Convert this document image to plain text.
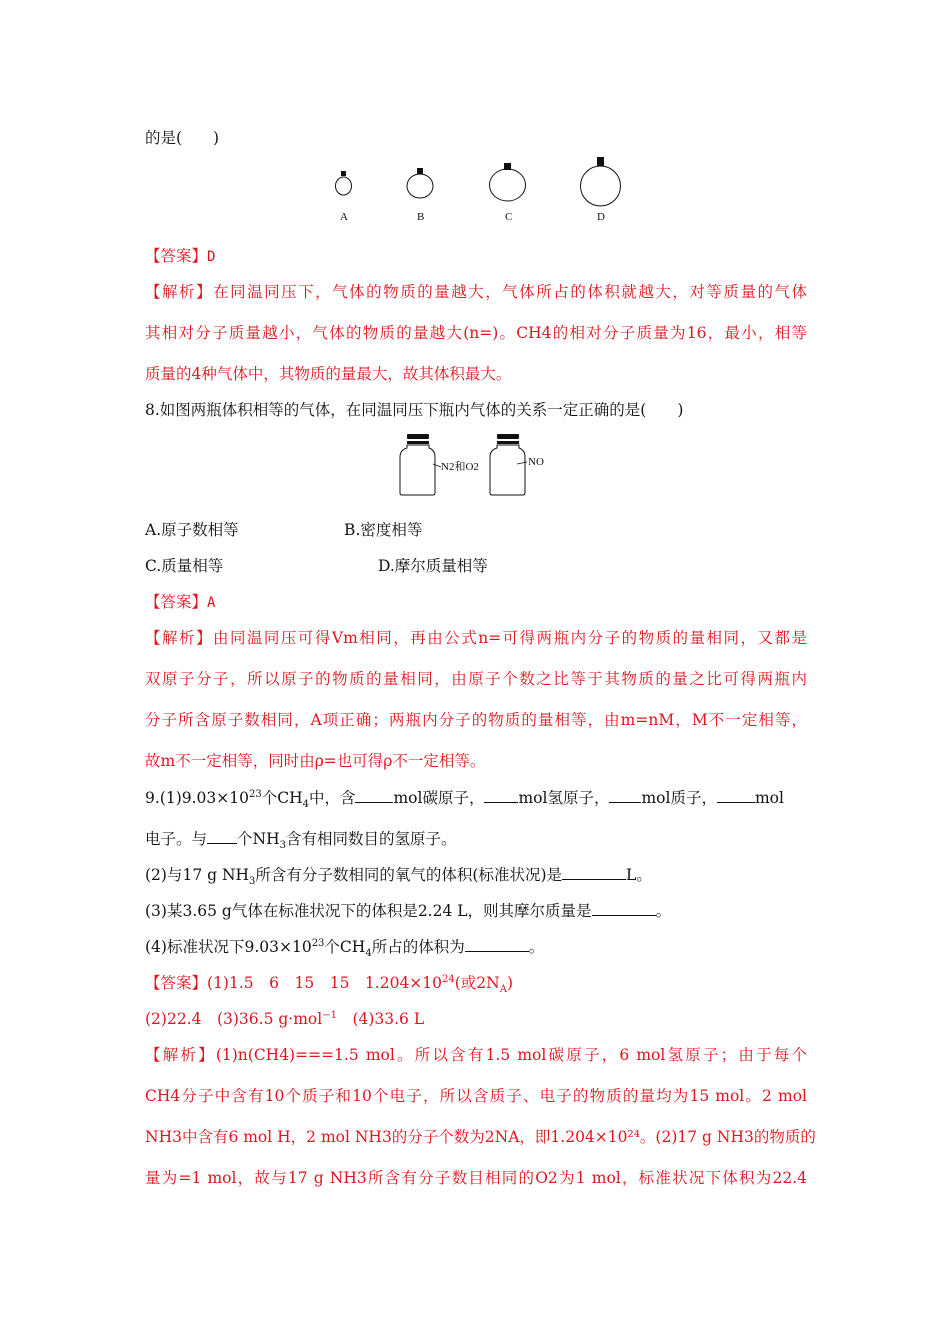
的是(　　)
A	B	C	D
【答案】D
【解析】在同温同压下，气体的物质的量越大，气体所占的体积就越大，对等质量的气体
其相对分子质量越小，气体的物质的量越大(n=)。CH4的相对分子质量为16，最小，相等
质量的4种气体中，其物质的量最大，故其体积最大。
8.如图两瓶体积相等的气体，在同温同压下瓶内气体的关系一定正确的是(　　)
N2和O2	NO
A.原子数相等	B.密度相等
C.质量相等	D.摩尔质量相等
【答案】A
【解析】由同温同压可得Vm相同，再由公式n=可得两瓶内分子的物质的量相同，又都是
双原子分子，所以原子的物质的量相同，由原子个数之比等于其物质的量之比可得两瓶内
分子所含原子数相同，A项正确；两瓶内分子的物质的量相等，由m=nM，M不一定相等，
故m不一定相等，同时由ρ=也可得ρ不一定相等。
$9.(1)9.03\times 10^{23}$个$CH_4$中，含 mol碳原子， mol氢原子， mol质子， mol
电子。与 个$NH_3$含有相同数目的氢原子。
(2)与17 g $NH_3$所含有分子数相同的氧气的体积(标准状况)是	L。
(3)某3.65 g气体在标准状况下的体积是2.24 L，则其摩尔质量是	。
(4)标准状况下$9.03\times 10^{23}$个$CH_4$所占的体积为	。
【答案】(1)1.5　6　15　15　$1.204\times 10^{24}$(或$2N_A$)
(2)22.4　(3)36.5 g·mol$^{-1}$　(4)33.6 L
【解析】(1)n(CH4)===1.5 mol。所以含有1.5 mol碳原子，6 mol氢原子；由于每个
CH4分子中含有10个质子和10个电子，所以含质子、电子的物质的量均为15 mol。2 mol
NH3中含有6 mol H，2 mol NH3的分子个数为2NA，即1.204×10²⁴。(2)17 g NH3的物质的
量为=1 mol，故与17 g NH3所含有分子数目相同的O2为1 mol，标准状况下体积为22.4
